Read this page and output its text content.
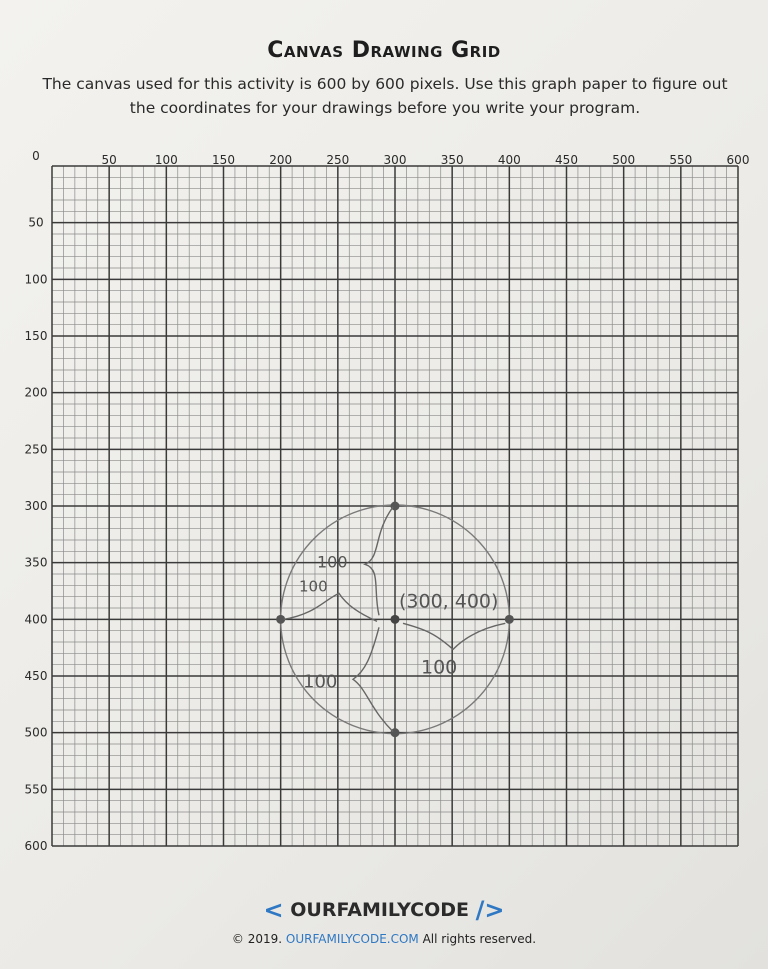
Canvas Drawing Grid
The canvas used for this activity is 600 by 600 pixels. Use this graph paper to figure out the coordinates for your drawings before you write your program.
0	50	100	150	200	250	300	350	400	450	500	550	600
50
100
150
200
250
300
350
400
450
500
550
600
(300, 400)
100
100
100
100
< OURFAMILYCODE />
© 2019. OURFAMILYCODE.COM All rights reserved.
